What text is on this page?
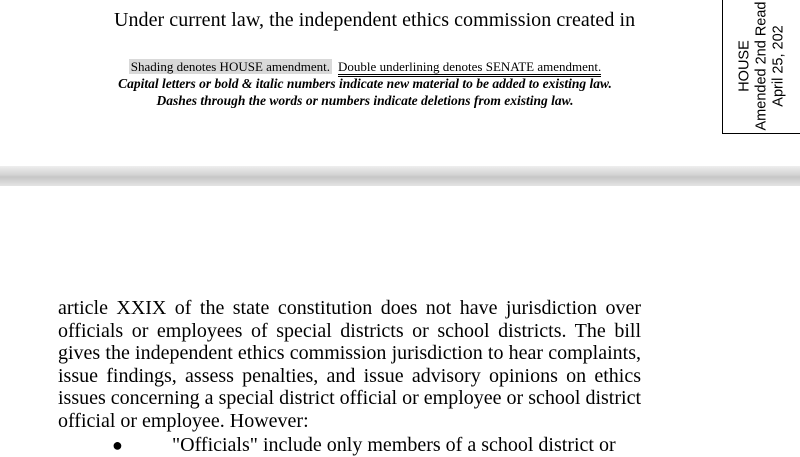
Under current law, the independent ethics commission created in
Shading denotes HOUSE amendment. Double underlining denotes SENATE amendment.
Capital letters or bold & italic numbers indicate new material to be added to existing law.
Dashes through the words or numbers indicate deletions from existing law.
HOUSE Amended 2nd Read April 25, 202
article XXIX of the state constitution does not have jurisdiction over officials or employees of special districts or school districts. The bill gives the independent ethics commission jurisdiction to hear complaints, issue findings, assess penalties, and issue advisory opinions on ethics issues concerning a special district official or employee or school district official or employee. However:
● "Officials" include only members of a school district or
